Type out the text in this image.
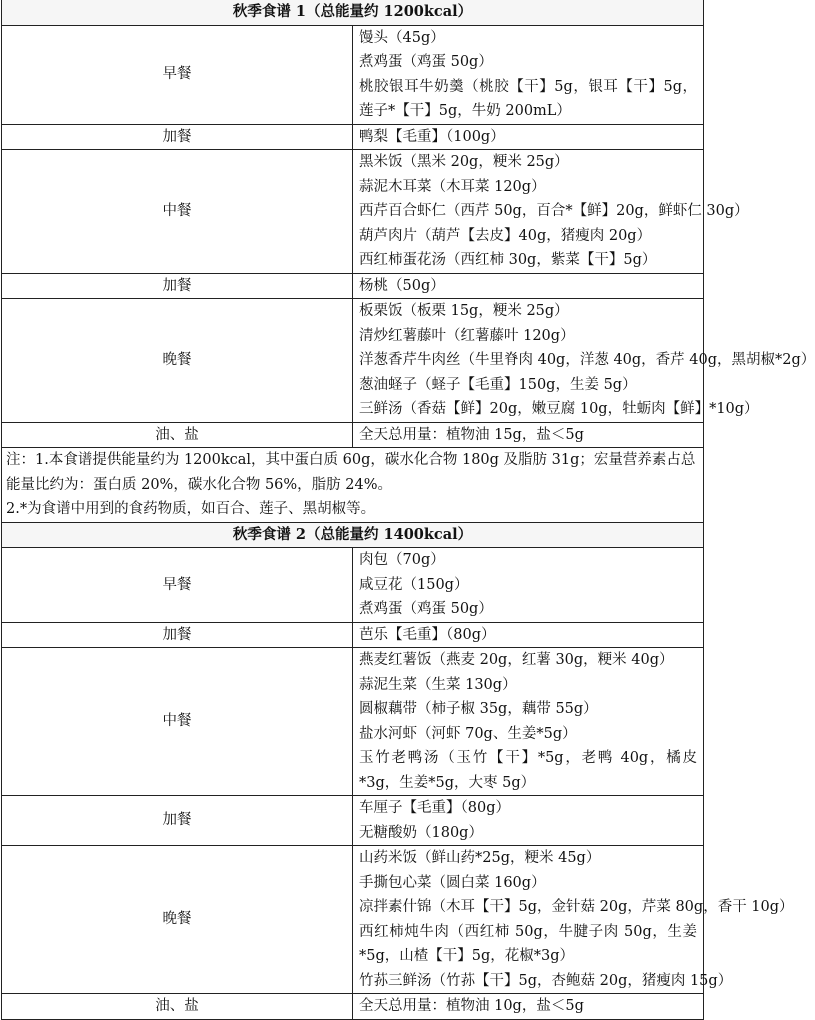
秋季食谱 1（总能量约 1200kcal）	
早餐	馒头（45g）
煮鸡蛋（鸡蛋 50g）
桃胶银耳牛奶羹（桃胶【干】5g，银耳【干】5g，莲子*【干】5g，牛奶 200mL）

加餐	鸭梨【毛重】（100g）

中餐	黑米饭（黑米 20g，粳米 25g）
蒜泥木耳菜（木耳菜 120g）
西芹百合虾仁（西芹 50g，百合*【鲜】20g，鲜虾仁 30g）
葫芦肉片（葫芦【去皮】40g，猪瘦肉 20g）
西红柿蛋花汤（西红柿 30g，紫菜【干】5g）

加餐	杨桃（50g）

晚餐	板栗饭（板栗 15g，粳米 25g）
清炒红薯藤叶（红薯藤叶 120g）
洋葱香芹牛肉丝（牛里脊肉 40g，洋葱 40g，香芹 40g，黑胡椒*2g）
葱油蛏子（蛏子【毛重】150g，生姜 5g）
三鲜汤（香菇【鲜】20g，嫩豆腐 10g，牡蛎肉【鲜】*10g）

油、盐	全天总用量：植物油 15g，盐＜5g

注：1.本食谱提供能量约为 1200kcal，其中蛋白质 60g，碳水化合物 180g 及脂肪 31g；宏量营养素占总能量比约为：蛋白质 20%，碳水化合物 56%，脂肪 24%。
2.*为食谱中用到的食药物质，如百合、莲子、黑胡椒等。	

秋季食谱 2（总能量约 1400kcal）	
早餐	肉包（70g）
咸豆花（150g）
煮鸡蛋（鸡蛋 50g）

加餐	芭乐【毛重】（80g）

中餐	燕麦红薯饭（燕麦 20g，红薯 30g，粳米 40g）
蒜泥生菜（生菜 130g）
圆椒藕带（柿子椒 35g，藕带 55g）
盐水河虾（河虾 70g、生姜*5g）
玉竹老鸭汤（玉竹【干】*5g，老鸭 40g，橘皮*3g，生姜*5g，大枣 5g）

加餐	车厘子【毛重】（80g）
无糖酸奶（180g）

晚餐	山药米饭（鲜山药*25g，粳米 45g）
手撕包心菜（圆白菜 160g）
凉拌素什锦（木耳【干】5g，金针菇 20g，芹菜 80g，香干 10g）
西红柿炖牛肉（西红柿 50g，牛腱子肉 50g，生姜*5g，山楂【干】5g，花椒*3g）
竹荪三鲜汤（竹荪【干】5g，杏鲍菇 20g，猪瘦肉 15g）

油、盐	全天总用量：植物油 10g，盐＜5g
